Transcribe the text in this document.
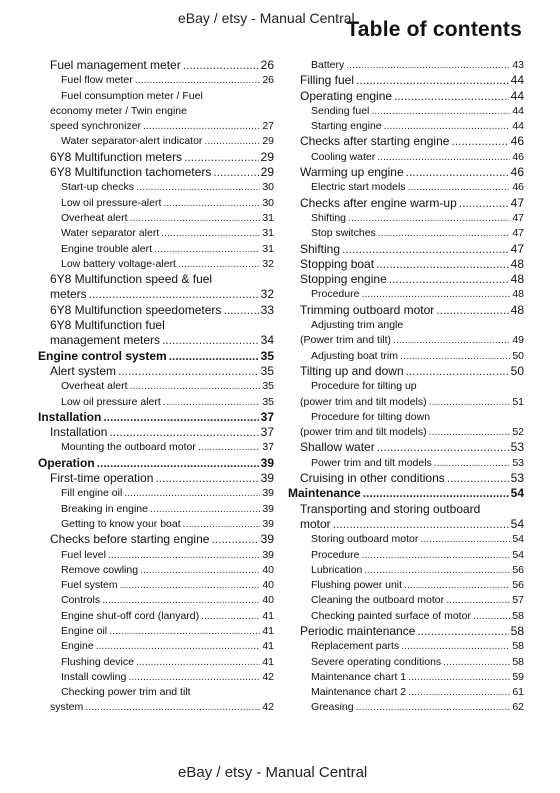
eBay / etsy - Manual Central
Table of contents
Fuel management meter .....	26
Fuel flow meter .....	26
Fuel consumption meter / Fuel
economy meter / Twin engine
speed synchronizer .....	27
Water separator-alert indicator .....	29
6Y8 Multifunction meters .....	29
6Y8 Multifunction tachometers .....	29
Start-up checks .....	30
Low oil pressure-alert .....	30
Overheat alert .....	31
Water separator alert .....	31
Engine trouble alert .....	31
Low battery voltage-alert .....	32
6Y8 Multifunction speed & fuel
meters .....	32
6Y8 Multifunction speedometers .....	33
6Y8 Multifunction fuel
management meters .....	34
Engine control system .....	35
Alert system .....	35
Overheat alert .....	35
Low oil pressure alert .....	35
Installation .....	37
Installation .....	37
Mounting the outboard motor .....	37
Operation .....	39
First-time operation .....	39
Fill engine oil .....	39
Breaking in engine .....	39
Getting to know your boat .....	39
Checks before starting engine .....	39
Fuel level .....	39
Remove cowling .....	40
Fuel system .....	40
Controls .....	40
Engine shut-off cord (lanyard) .....	41
Engine oil .....	41
Engine .....	41
Flushing device .....	41
Install cowling .....	42
Checking power trim and tilt
system .....	42
Battery .....	43
Filling fuel .....	44
Operating engine .....	44
Sending fuel .....	44
Starting engine .....	44
Checks after starting engine .....	46
Cooling water .....	46
Warming up engine .....	46
Electric start models .....	46
Checks after engine warm-up .....	47
Shifting .....	47
Stop switches .....	47
Shifting .....	47
Stopping boat .....	48
Stopping engine .....	48
Procedure .....	48
Trimming outboard motor .....	48
Adjusting trim angle
(Power trim and tilt) .....	49
Adjusting boat trim .....	50
Tilting up and down .....	50
Procedure for tilting up
(power trim and tilt models) .....	51
Procedure for tilting down
(power trim and tilt models) .....	52
Shallow water .....	53
Power trim and tilt models .....	53
Cruising in other conditions .....	53
Maintenance .....	54
Transporting and storing outboard
motor .....	54
Storing outboard motor .....	54
Procedure .....	54
Lubrication .....	56
Flushing power unit .....	56
Cleaning the outboard motor .....	57
Checking painted surface of motor .....	58
Periodic maintenance .....	58
Replacement parts .....	58
Severe operating conditions .....	58
Maintenance chart 1 .....	59
Maintenance chart 2 .....	61
Greasing .....	62
eBay / etsy - Manual Central
